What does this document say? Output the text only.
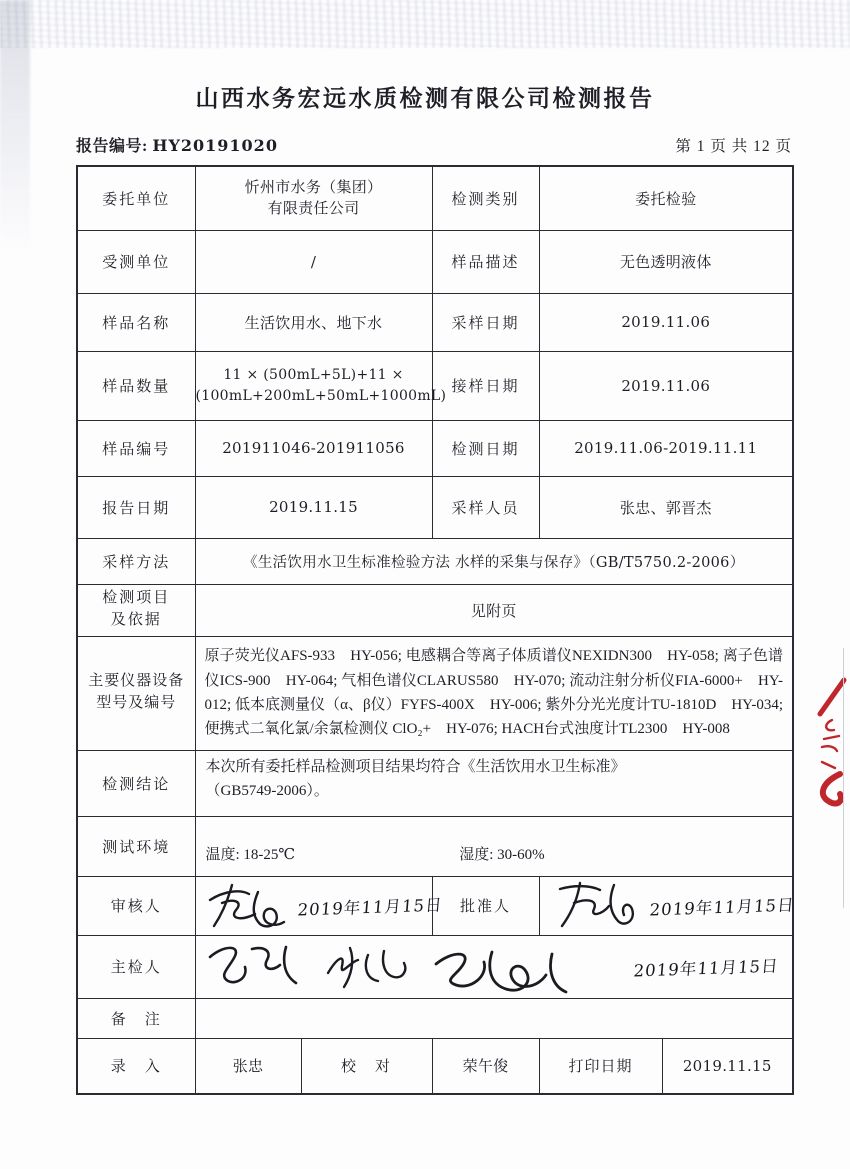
山西水务宏远水质检测有限公司检测报告
报告编号: HY20191020	第 1 页 共 12 页
委托单位	忻州市水务（集团）
有限责任公司		检测类别	委托检验	
受测单位	/		样品描述	无色透明液体	
样品名称	生活饮用水、地下水		采样日期	2019.11.06	
样品数量	11 × (500mL+5L)+11 ×
(100mL+200mL+50mL+1000mL)		接样日期	2019.11.06	
样品编号	201911046-201911056		检测日期	2019.11.06-2019.11.11	
报告日期	2019.11.15		采样人员	张忠、郭晋杰	
采样方法	《生活饮用水卫生标准检验方法 水样的采集与保存》（GB/T5750.2-2006）				

检测项目
及依据	见附页				

主要仪器设备
型号及编号	原子荧光仪AFS-933　HY-056; 电感耦合等离子体质谱仪NEXIDN300　HY-058; 离子色谱仪ICS-900　HY-064; 气相色谱仪CLARUS580　HY-070; 流动注射分析仪FIA-6000+　HY-012; 低本底测量仪（α、β仪）FYFS-400X　HY-006; 紫外分光光度计TU-1810D　HY-034; 便携式二氧化氯/余氯检测仪 ClO₂+　HY-076; HACH台式浊度计TL2300　HY-008				
检测结论	本次所有委托样品检测项目结果均符合《生活饮用水卫生标准》
（GB5749-2006）。				

测试环境	温度: 18-25℃ 湿度: 30-60%				
审核人	2019年11月15日		批准人	2019年11月15日	

主检人	2019年11月15日				

备　注					
录　入	张忠	校　对	荣午俊	打印日期	2019.11.15
